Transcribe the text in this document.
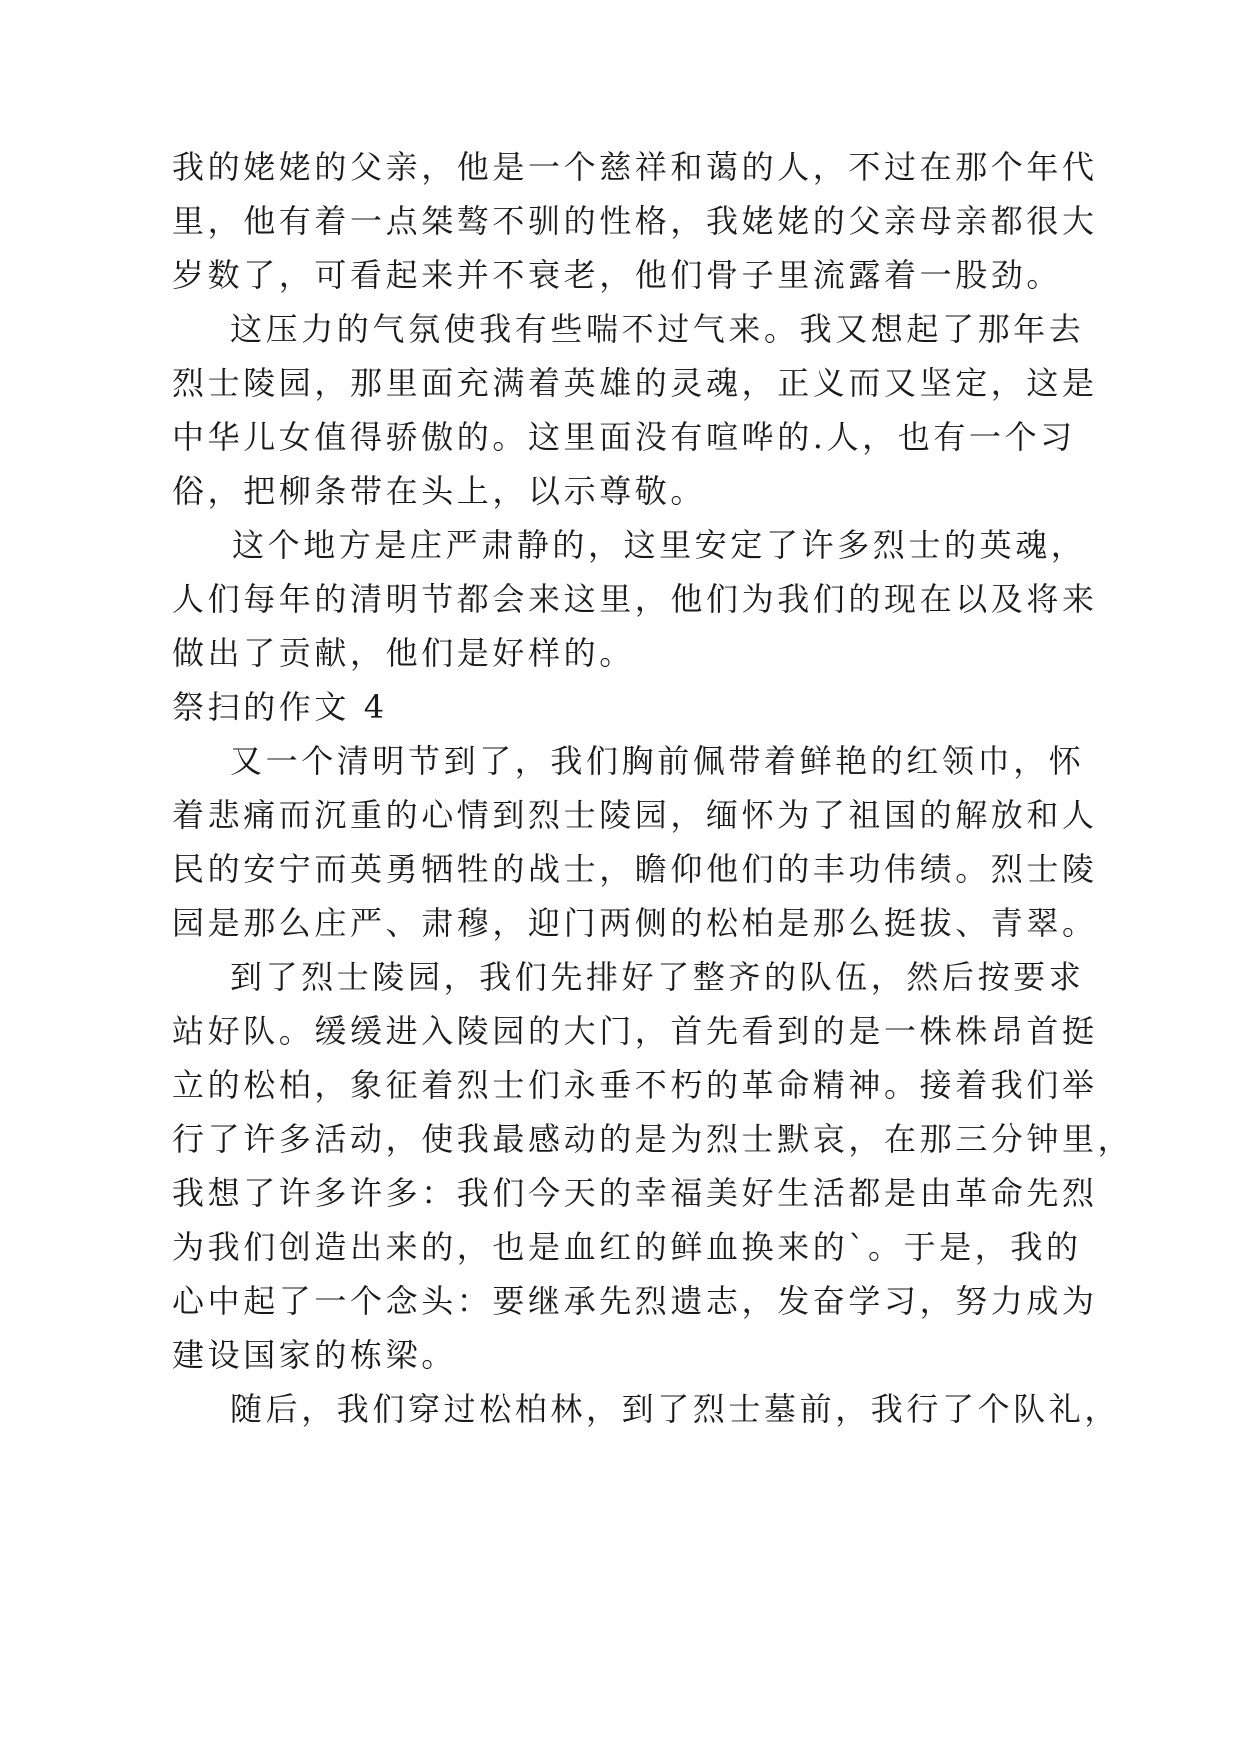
我的姥姥的父亲，他是一个慈祥和蔼的人，不过在那个年代
里，他有着一点桀骜不驯的性格，我姥姥的父亲母亲都很大
岁数了，可看起来并不衰老，他们骨子里流露着一股劲。
这压力的气氛使我有些喘不过气来。我又想起了那年去
烈士陵园，那里面充满着英雄的灵魂，正义而又坚定，这是
中华儿女值得骄傲的。这里面没有喧哗的.人，也有一个习
俗，把柳条带在头上，以示尊敬。
这个地方是庄严肃静的，这里安定了许多烈士的英魂，
人们每年的清明节都会来这里，他们为我们的现在以及将来
做出了贡献，他们是好样的。
祭扫的作文 4
又一个清明节到了，我们胸前佩带着鲜艳的红领巾，怀
着悲痛而沉重的心情到烈士陵园，缅怀为了祖国的解放和人
民的安宁而英勇牺牲的战士，瞻仰他们的丰功伟绩。烈士陵
园是那么庄严、肃穆，迎门两侧的松柏是那么挺拔、青翠。
到了烈士陵园，我们先排好了整齐的队伍，然后按要求
站好队。缓缓进入陵园的大门，首先看到的是一株株昂首挺
立的松柏，象征着烈士们永垂不朽的革命精神。接着我们举
行了许多活动，使我最感动的是为烈士默哀，在那三分钟里，
我想了许多许多：我们今天的幸福美好生活都是由革命先烈
为我们创造出来的，也是血红的鲜血换来的`。于是，我的
心中起了一个念头：要继承先烈遗志，发奋学习，努力成为
建设国家的栋梁。
随后，我们穿过松柏林，到了烈士墓前，我行了个队礼，
